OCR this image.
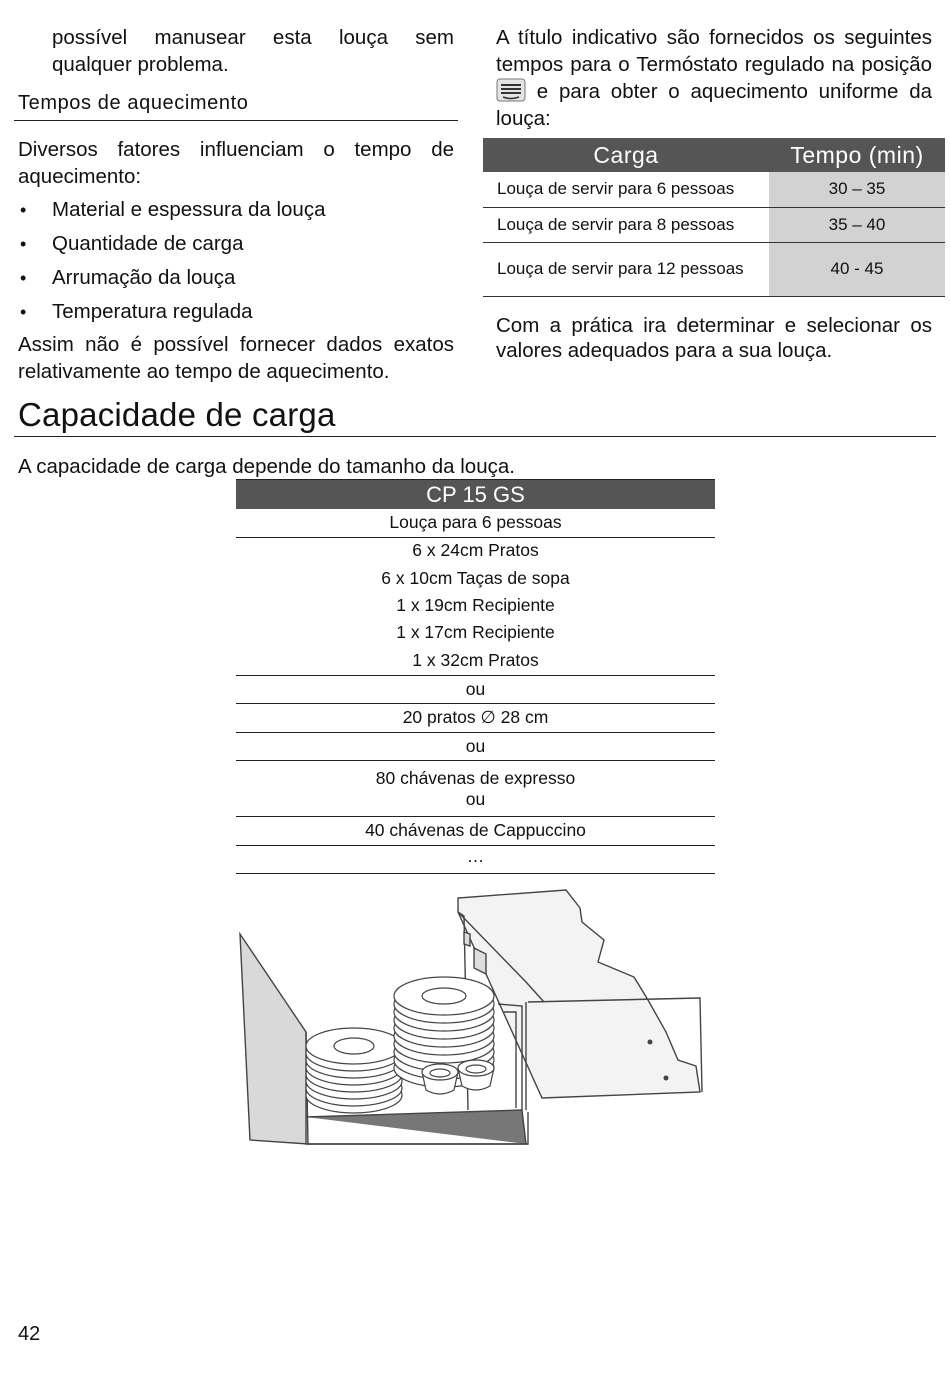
possível manusear esta louça sem
qualquer problema.
Tempos de aquecimento
Diversos fatores influenciam o tempo de aquecimento:
• Material e espessura da louça
• Quantidade de carga
• Arrumação da louça
• Temperatura regulada
Assim não é possível fornecer dados exatos relativamente ao tempo de aquecimento.
A título indicativo são fornecidos os seguintes tempos para o Termóstato regulado na posição  e para obter o aquecimento uniforme da louça:
Carga	Tempo (min)
Louça de servir para 6 pessoas	30 – 35
Louça de servir para 8 pessoas	35 – 40
Louça de servir para 12 pessoas	40 - 45
Com a prática ira determinar e selecionar os valores adequados para a sua louça.
Capacidade de carga
A capacidade de carga depende do tamanho da louça.
CP 15 GS
Louça para 6 pessoas
6 x 24cm Pratos
6 x 10cm Taças de sopa
1 x 19cm Recipiente
1 x 17cm Recipiente
1 x 32cm Pratos
ou
20 pratos ∅ 28 cm
ou
80 chávenas de expresso
ou
40 chávenas de Cappuccino
…
42
